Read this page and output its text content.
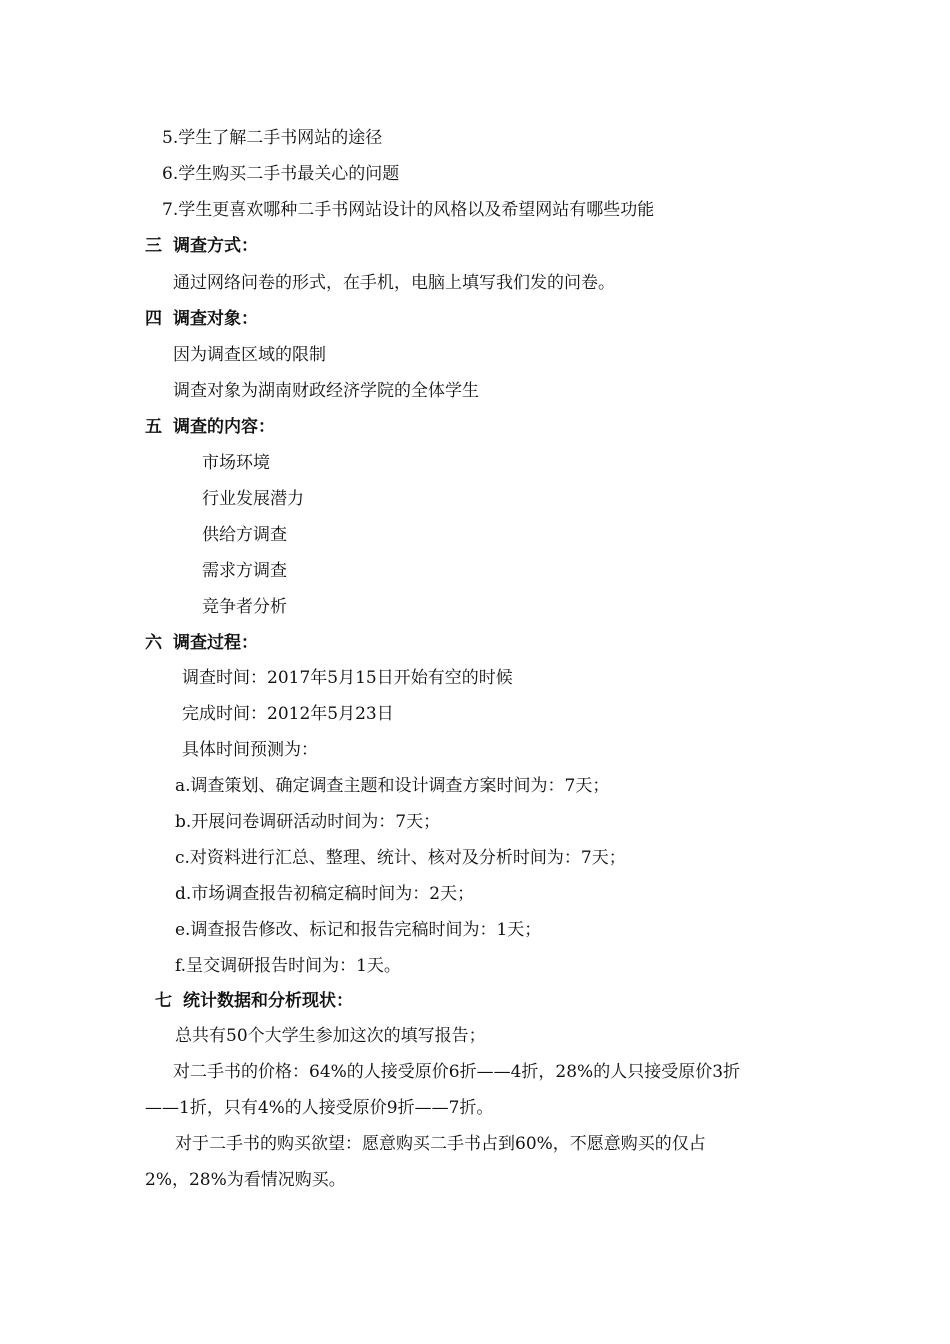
5.学生了解二手书网站的途径
6.学生购买二手书最关心的问题
7.学生更喜欢哪种二手书网站设计的风格以及希望网站有哪些功能
三 调查方式：
通过网络问卷的形式，在手机，电脑上填写我们发的问卷。
四 调查对象：
因为调查区域的限制
调查对象为湖南财政经济学院的全体学生
五 调查的内容：
市场环境
行业发展潜力
供给方调查
需求方调查
竞争者分析
六 调查过程：
调查时间：2017年5月15日开始有空的时候
完成时间：2012年5月23日
具体时间预测为：
a.调查策划、确定调查主题和设计调查方案时间为：7天；
b.开展问卷调研活动时间为：7天；
c.对资料进行汇总、整理、统计、核对及分析时间为：7天；
d.市场调查报告初稿定稿时间为：2天；
e.调查报告修改、标记和报告完稿时间为：1天；
f.呈交调研报告时间为：1天。
七 统计数据和分析现状：
总共有50个大学生参加这次的填写报告；
对二手书的价格：64%的人接受原价6折——4折，28%的人只接受原价3折
——1折，只有4%的人接受原价9折——7折。
对于二手书的购买欲望：愿意购买二手书占到60%，不愿意购买的仅占
2%，28%为看情况购买。
